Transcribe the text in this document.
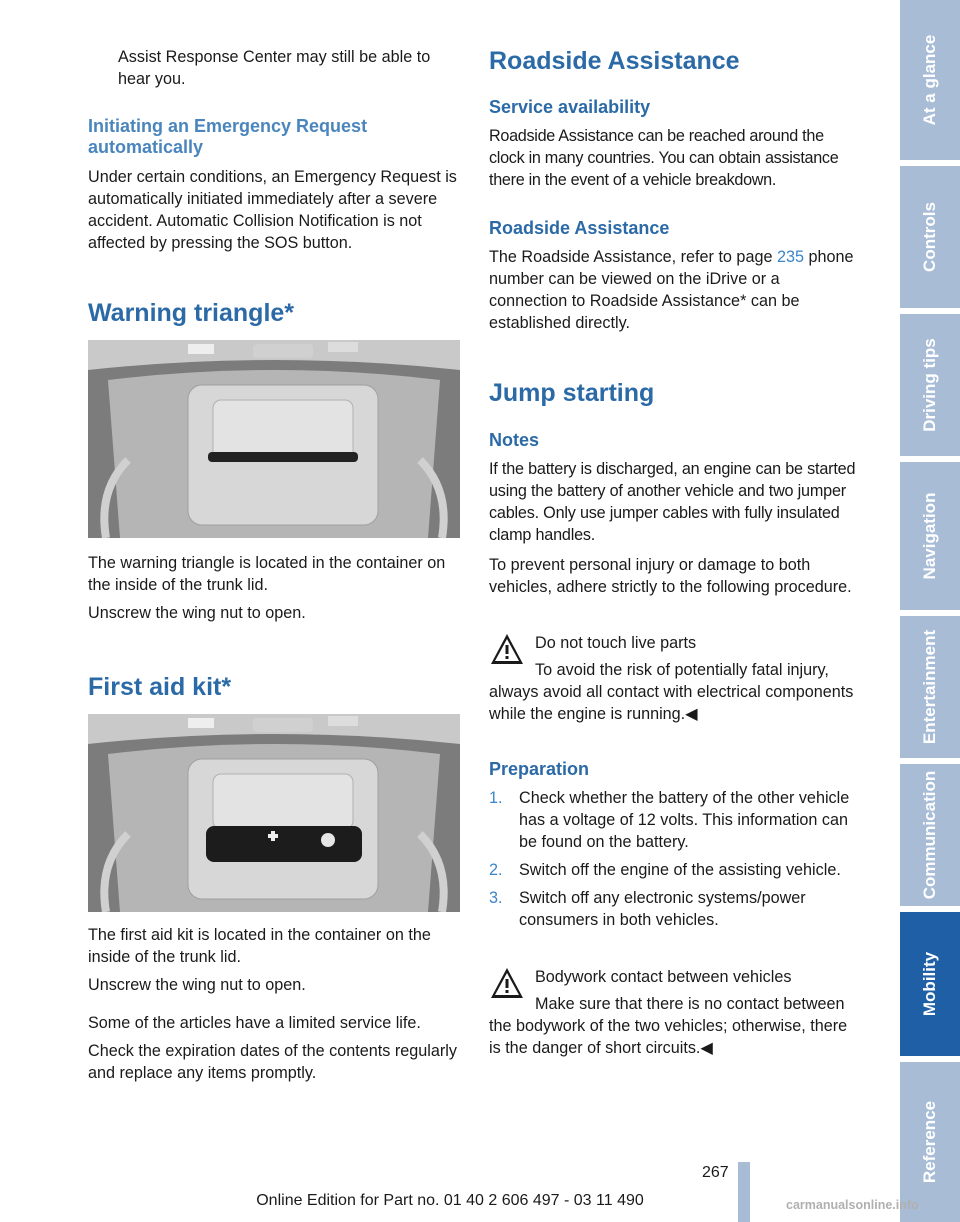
Assist Response Center may still be able to hear you.

Initiating an Emergency Request automatically

Under certain conditions, an Emergency Request is automatically initiated immediately after a severe accident. Automatic Collision Notification is not affected by pressing the SOS button.

Warning triangle*

The warning triangle is located in the container on the inside of the trunk lid.

Unscrew the wing nut to open.

First aid kit*

The first aid kit is located in the container on the inside of the trunk lid.

Unscrew the wing nut to open.

Some of the articles have a limited service life.

Check the expiration dates of the contents regularly and replace any items promptly.

Roadside Assistance
Service availability

Roadside Assistance can be reached around the clock in many countries. You can obtain assistance there in the event of a vehicle breakdown.

Roadside Assistance

The Roadside Assistance, refer to page 235 phone number can be viewed on the iDrive or a connection to Roadside Assistance* can be established directly.

Jump starting
Notes

If the battery is discharged, an engine can be started using the battery of another vehicle and two jumper cables. Only use jumper cables with fully insulated clamp handles.

To prevent personal injury or damage to both vehicles, adhere strictly to the following procedure.

Do not touch live parts

To avoid the risk of potentially fatal injury, always avoid all contact with electrical components while the engine is running.◀

Preparation
1. Check whether the battery of the other vehicle has a voltage of 12 volts. This information can be found on the battery.
2. Switch off the engine of the assisting vehicle.
3. Switch off any electronic systems/power consumers in both vehicles.

Bodywork contact between vehicles

Make sure that there is no contact between the bodywork of the two vehicles; otherwise, there is the danger of short circuits.◀

At a glance
Controls
Driving tips
Navigation
Entertainment
Communication
Mobility
Reference
267
Online Edition for Part no. 01 40 2 606 497 - 03 11 490	carmanualsonline.info
